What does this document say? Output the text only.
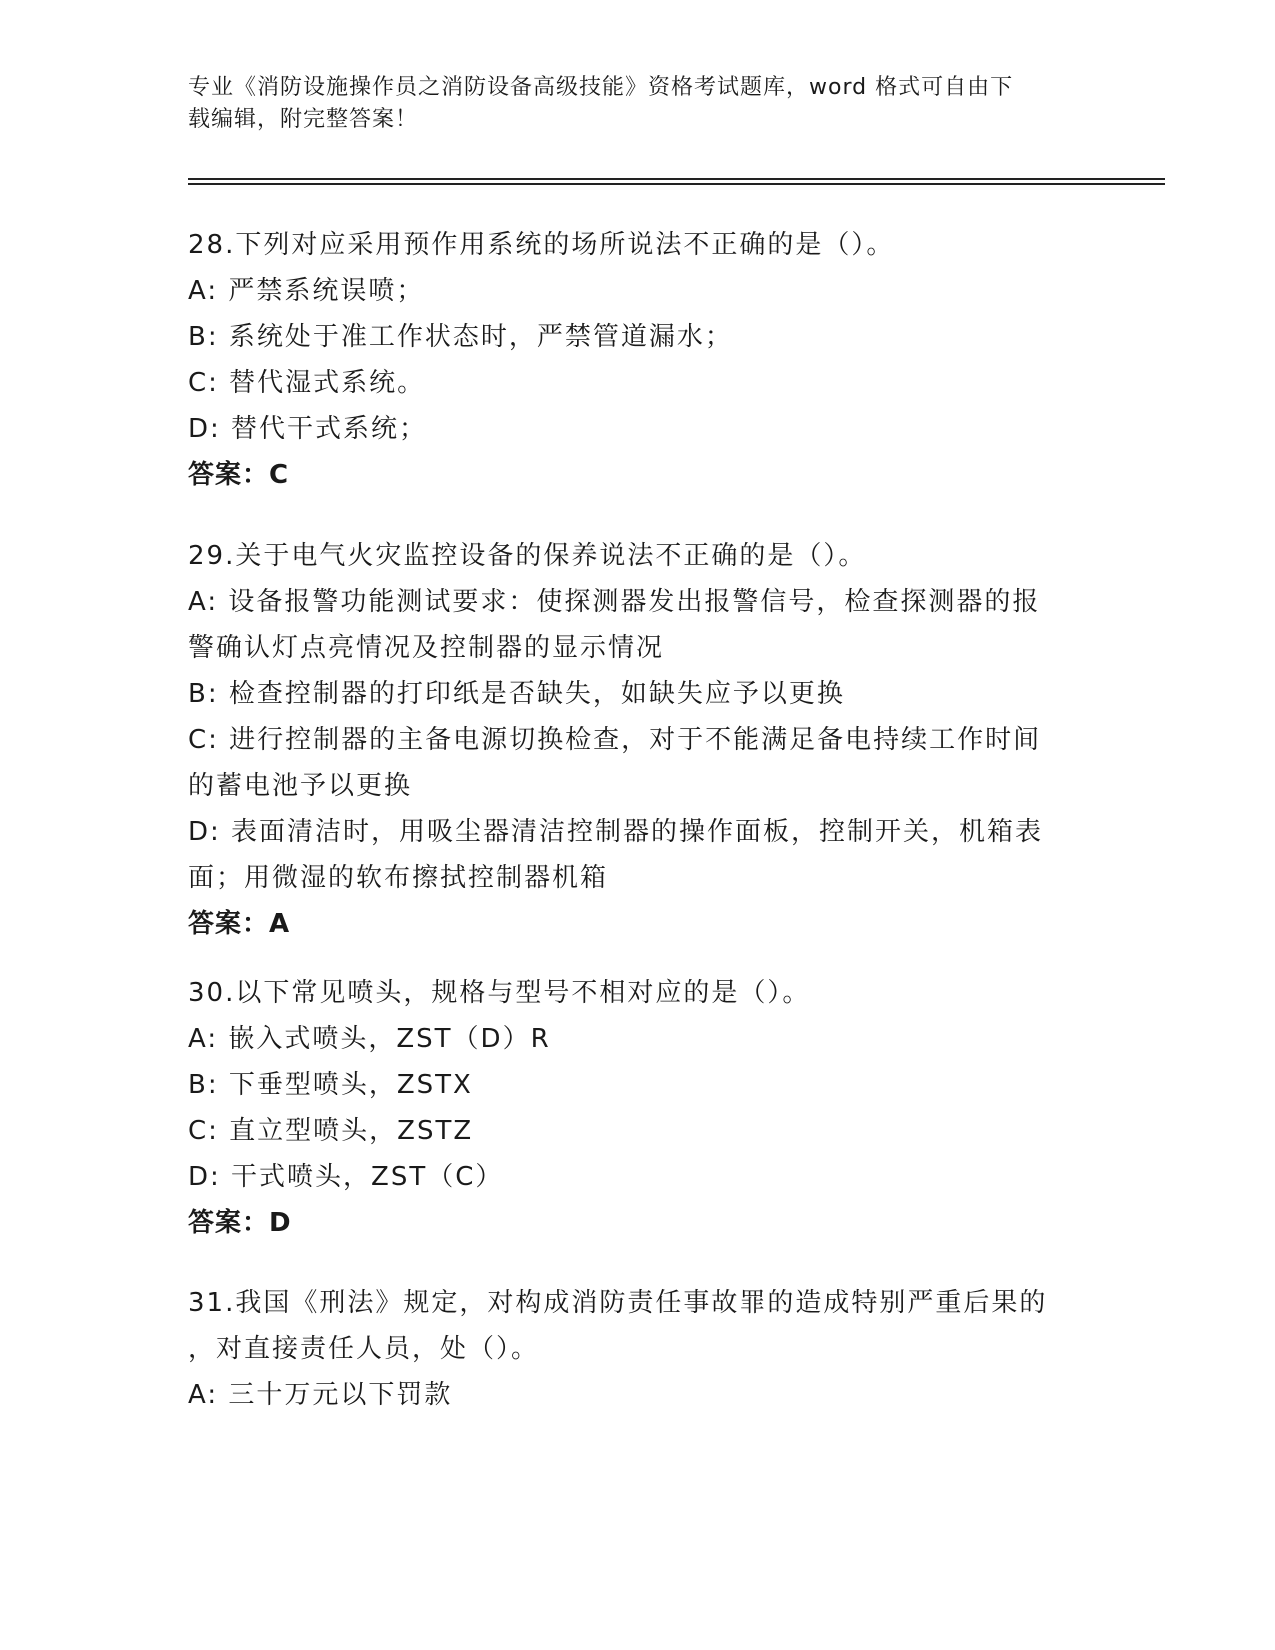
专业《消防设施操作员之消防设备高级技能》资格考试题库，word 格式可自由下
载编辑，附完整答案！
28.下列对应采用预作用系统的场所说法不正确的是（）。
A: 严禁系统误喷；
B: 系统处于准工作状态时，严禁管道漏水；
C: 替代湿式系统。
D: 替代干式系统；
答案：C
29.关于电气火灾监控设备的保养说法不正确的是（）。
A: 设备报警功能测试要求：使探测器发出报警信号，检查探测器的报
警确认灯点亮情况及控制器的显示情况
B: 检查控制器的打印纸是否缺失，如缺失应予以更换
C: 进行控制器的主备电源切换检查，对于不能满足备电持续工作时间
的蓄电池予以更换
D: 表面清洁时，用吸尘器清洁控制器的操作面板，控制开关，机箱表
面；用微湿的软布擦拭控制器机箱
答案：A
30.以下常见喷头，规格与型号不相对应的是（）。
A: 嵌入式喷头，ZST（D）R
B: 下垂型喷头，ZSTX
C: 直立型喷头，ZSTZ
D: 干式喷头，ZST（C）
答案：D
31.我国《刑法》规定，对构成消防责任事故罪的造成特别严重后果的
，对直接责任人员，处（）。
A: 三十万元以下罚款
